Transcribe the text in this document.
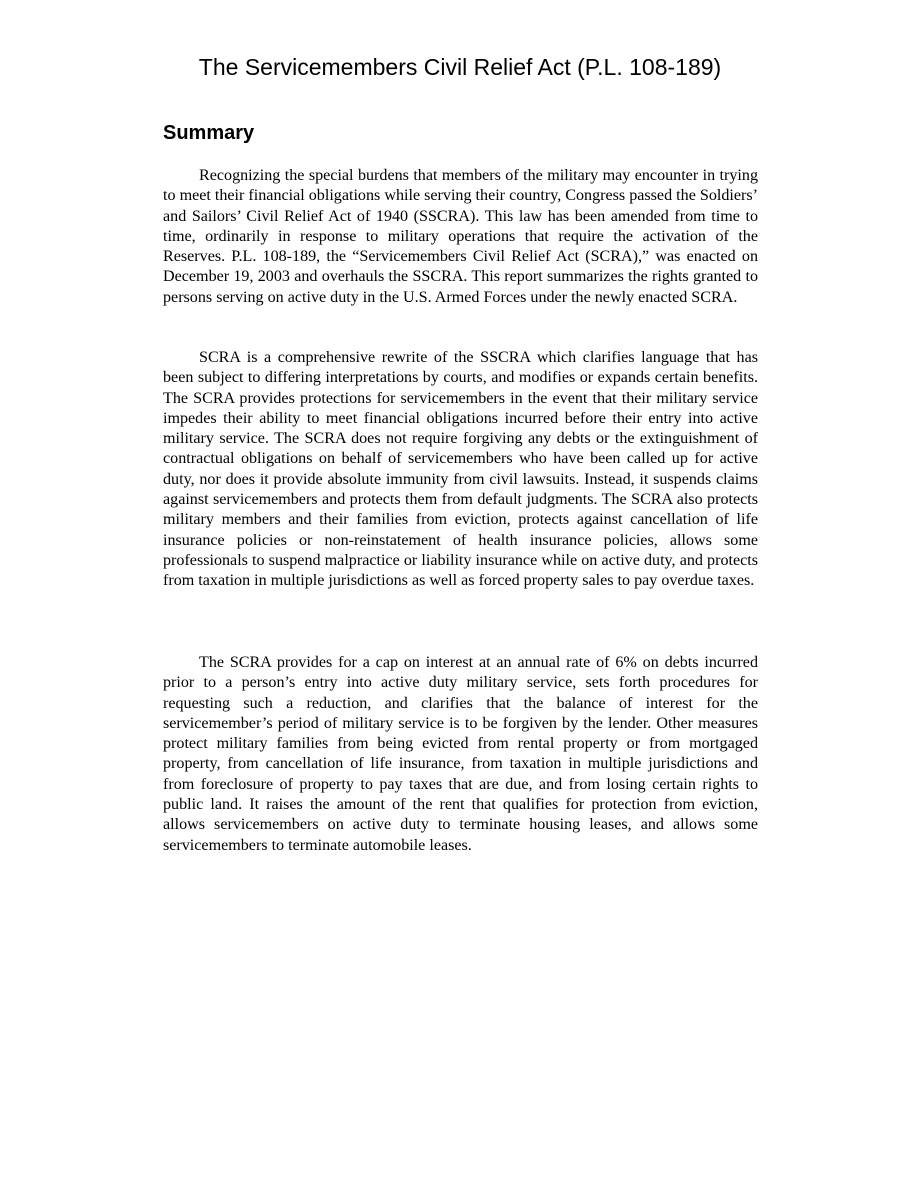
The Servicemembers Civil Relief Act (P.L. 108-189)
Summary

Recognizing the special burdens that members of the military may encounter in trying to meet their financial obligations while serving their country, Congress passed the Soldiers’ and Sailors’ Civil Relief Act of 1940 (SSCRA). This law has been amended from time to time, ordinarily in response to military operations that require the activation of the Reserves. P.L. 108-189, the “Servicemembers Civil Relief Act (SCRA),” was enacted on December 19, 2003 and overhauls the SSCRA. This report summarizes the rights granted to persons serving on active duty in the U.S. Armed Forces under the newly enacted SCRA.

SCRA is a comprehensive rewrite of the SSCRA which clarifies language that has been subject to differing interpretations by courts, and modifies or expands certain benefits. The SCRA provides protections for servicemembers in the event that their military service impedes their ability to meet financial obligations incurred before their entry into active military service. The SCRA does not require forgiving any debts or the extinguishment of contractual obligations on behalf of servicemembers who have been called up for active duty, nor does it provide absolute immunity from civil lawsuits. Instead, it suspends claims against servicemembers and protects them from default judgments. The SCRA also protects military members and their families from eviction, protects against cancellation of life insurance policies or non-reinstatement of health insurance policies, allows some professionals to suspend malpractice or liability insurance while on active duty, and protects from taxation in multiple jurisdictions as well as forced property sales to pay overdue taxes.

The SCRA provides for a cap on interest at an annual rate of 6% on debts incurred prior to a person’s entry into active duty military service, sets forth procedures for requesting such a reduction, and clarifies that the balance of interest for the servicemember’s period of military service is to be forgiven by the lender. Other measures protect military families from being evicted from rental property or from mortgaged property, from cancellation of life insurance, from taxation in multiple jurisdictions and from foreclosure of property to pay taxes that are due, and from losing certain rights to public land. It raises the amount of the rent that qualifies for protection from eviction, allows servicemembers on active duty to terminate housing leases, and allows some servicemembers to terminate automobile leases.
